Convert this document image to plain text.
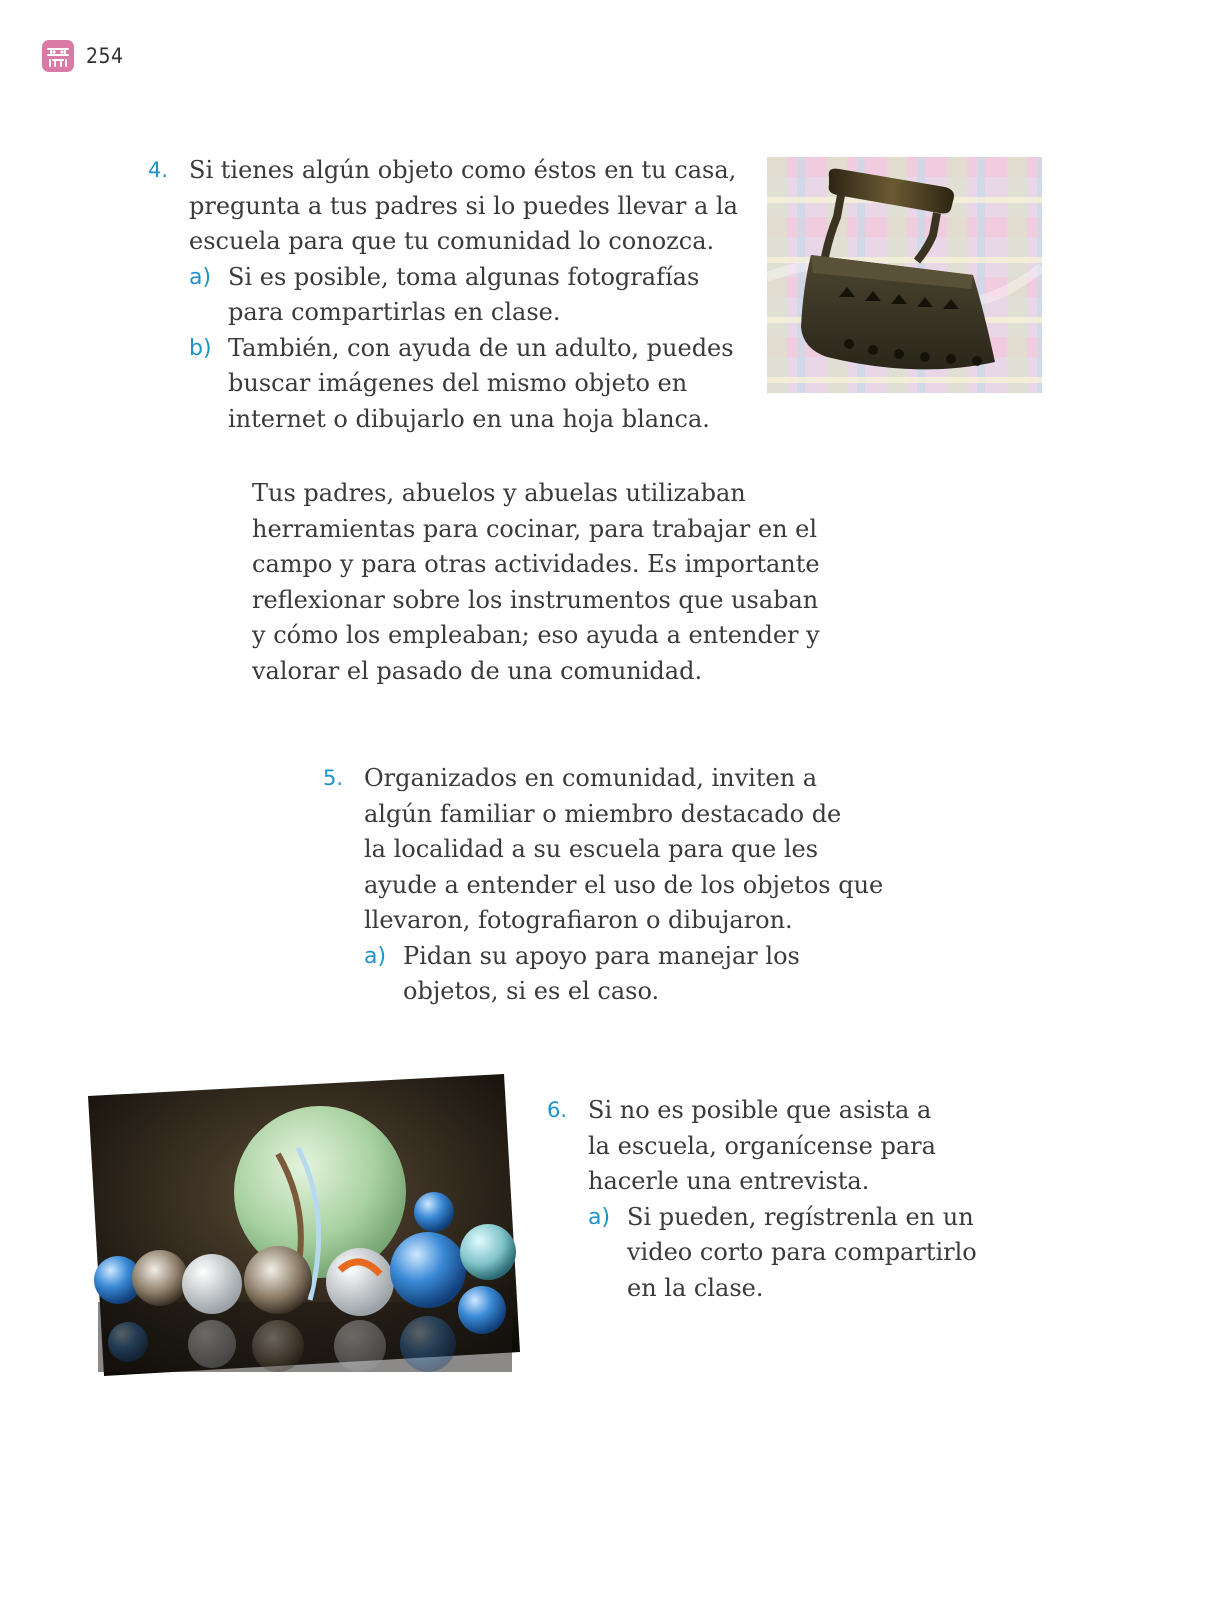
254
4. Si tienes algún objeto como éstos en tu casa,
pregunta a tus padres si lo puedes llevar a la
escuela para que tu comunidad lo conozca.
a) Si es posible, toma algunas fotografías
para compartirlas en clase.
b) También, con ayuda de un adulto, puedes
buscar imágenes del mismo objeto en
internet o dibujarlo en una hoja blanca.
Tus padres, abuelos y abuelas utilizaban
herramientas para cocinar, para trabajar en el
campo y para otras actividades. Es importante
reflexionar sobre los instrumentos que usaban
y cómo los empleaban; eso ayuda a entender y
valorar el pasado de una comunidad.
5. Organizados en comunidad, inviten a
algún familiar o miembro destacado de
la localidad a su escuela para que les
ayude a entender el uso de los objetos que
llevaron, fotografiaron o dibujaron.
a) Pidan su apoyo para manejar los
objetos, si es el caso.
6. Si no es posible que asista a
la escuela, organícense para
hacerle una entrevista.
a) Si pueden, regístrenla en un
video corto para compartirlo
en la clase.
